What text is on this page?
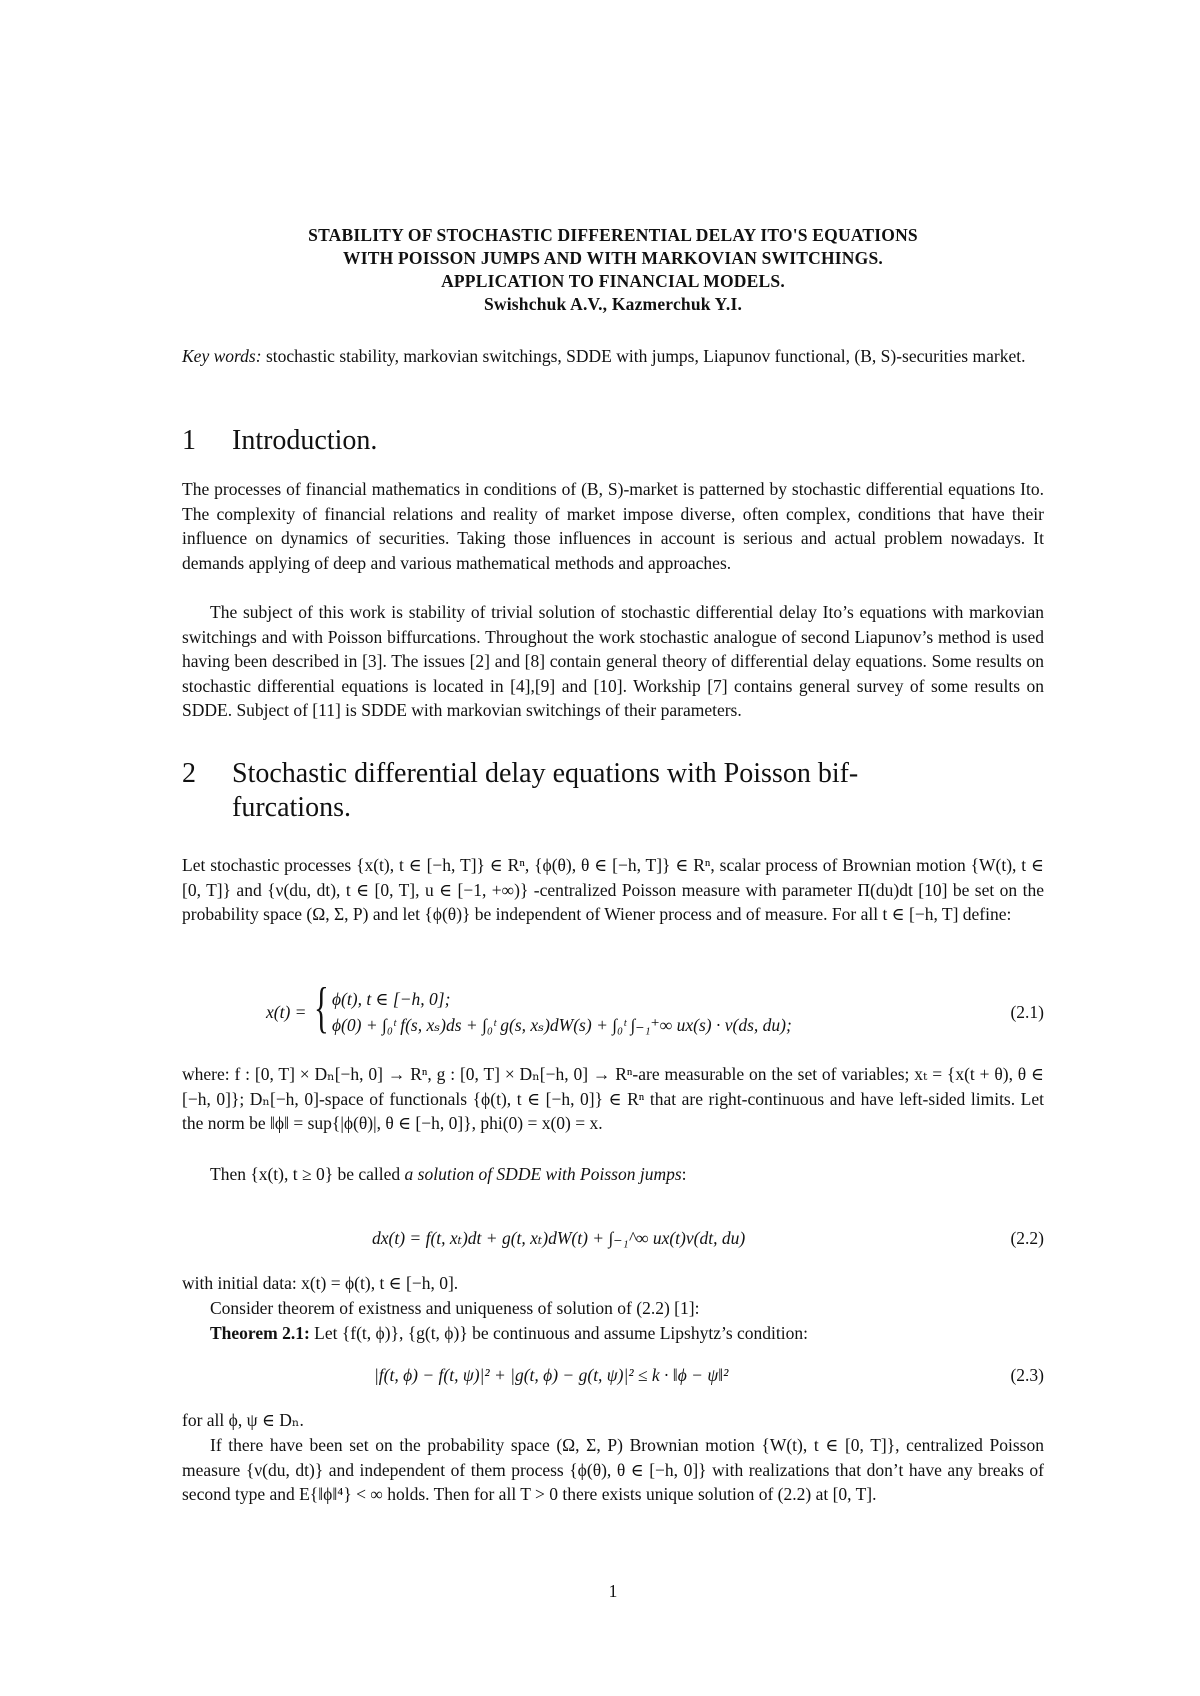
STABILITY OF STOCHASTIC DIFFERENTIAL DELAY ITO'S EQUATIONS
WITH POISSON JUMPS AND WITH MARKOVIAN SWITCHINGS.
APPLICATION TO FINANCIAL MODELS.
Swishchuk A.V., Kazmerchuk Y.I.

Key words: stochastic stability, markovian switchings, SDDE with jumps, Liapunov functional, (B, S)-securities market.

1 Introduction.

The processes of financial mathematics in conditions of (B, S)-market is patterned by stochastic differential equations Ito. The complexity of financial relations and reality of market impose diverse, often complex, conditions that have their influence on dynamics of securities. Taking those influences in account is serious and actual problem nowadays. It demands applying of deep and various mathematical methods and approaches.

The subject of this work is stability of trivial solution of stochastic differential delay Ito’s equations with markovian switchings and with Poisson biffurcations. Throughout the work stochastic analogue of second Liapunov’s method is used having been described in [3]. The issues [2] and [8] contain general theory of differential delay equations. Some results on stochastic differential equations is located in [4],[9] and [10]. Workship [7] contains general survey of some results on SDDE. Subject of [11] is SDDE with markovian switchings of their parameters.

2 Stochastic differential delay equations with Poisson bif-
furcations.

Let stochastic processes {x(t), t ∈ [−h, T]} ∈ Rⁿ, {ϕ(θ), θ ∈ [−h, T]} ∈ Rⁿ, scalar process of Brownian motion {W(t), t ∈ [0, T]} and {ν(du, dt), t ∈ [0, T], u ∈ [−1, +∞)} -centralized Poisson measure with parameter Π(du)dt [10] be set on the probability space (Ω, Σ, P) and let {ϕ(θ)} be independent of Wiener process and of measure. For all t ∈ [−h, T] define:

x(t) = { ϕ(t), t ∈ [−h, 0];
ϕ(0) + ∫₀ᵗ f(s, xₛ)ds + ∫₀ᵗ g(s, xₛ)dW(s) + ∫₀ᵗ ∫₋₁⁺∞ ux(s) · ν(ds, du);
(2.1)

where: f : [0, T] × Dₙ[−h, 0] → Rⁿ, g : [0, T] × Dₙ[−h, 0] → Rⁿ-are measurable on the set of variables; xₜ = {x(t + θ), θ ∈ [−h, 0]}; Dₙ[−h, 0]-space of functionals {ϕ(t), t ∈ [−h, 0]} ∈ Rⁿ that are right-continuous and have left-sided limits. Let the norm be ‖ϕ‖ = sup{|ϕ(θ)|, θ ∈ [−h, 0]}, phi(0) = x(0) = x.

Then {x(t), t ≥ 0} be called a solution of SDDE with Poisson jumps:

dx(t) = f(t, xₜ)dt + g(t, xₜ)dW(t) + ∫₋₁^∞ ux(t)ν(dt, du)	(2.2)

with initial data: x(t) = ϕ(t), t ∈ [−h, 0].

Consider theorem of existness and uniqueness of solution of (2.2) [1]:

Theorem 2.1: Let {f(t, ϕ)}, {g(t, ϕ)} be continuous and assume Lipshytz’s condition:

|f(t, ϕ) − f(t, ψ)|² + |g(t, ϕ) − g(t, ψ)|² ≤ k · ‖ϕ − ψ‖²	(2.3)

for all ϕ, ψ ∈ Dₙ.

If there have been set on the probability space (Ω, Σ, P) Brownian motion {W(t), t ∈ [0, T]}, centralized Poisson measure {ν(du, dt)} and independent of them process {ϕ(θ), θ ∈ [−h, 0]} with realizations that don’t have any breaks of second type and E{‖ϕ‖⁴} < ∞ holds. Then for all T > 0 there exists unique solution of (2.2) at [0, T].

1
